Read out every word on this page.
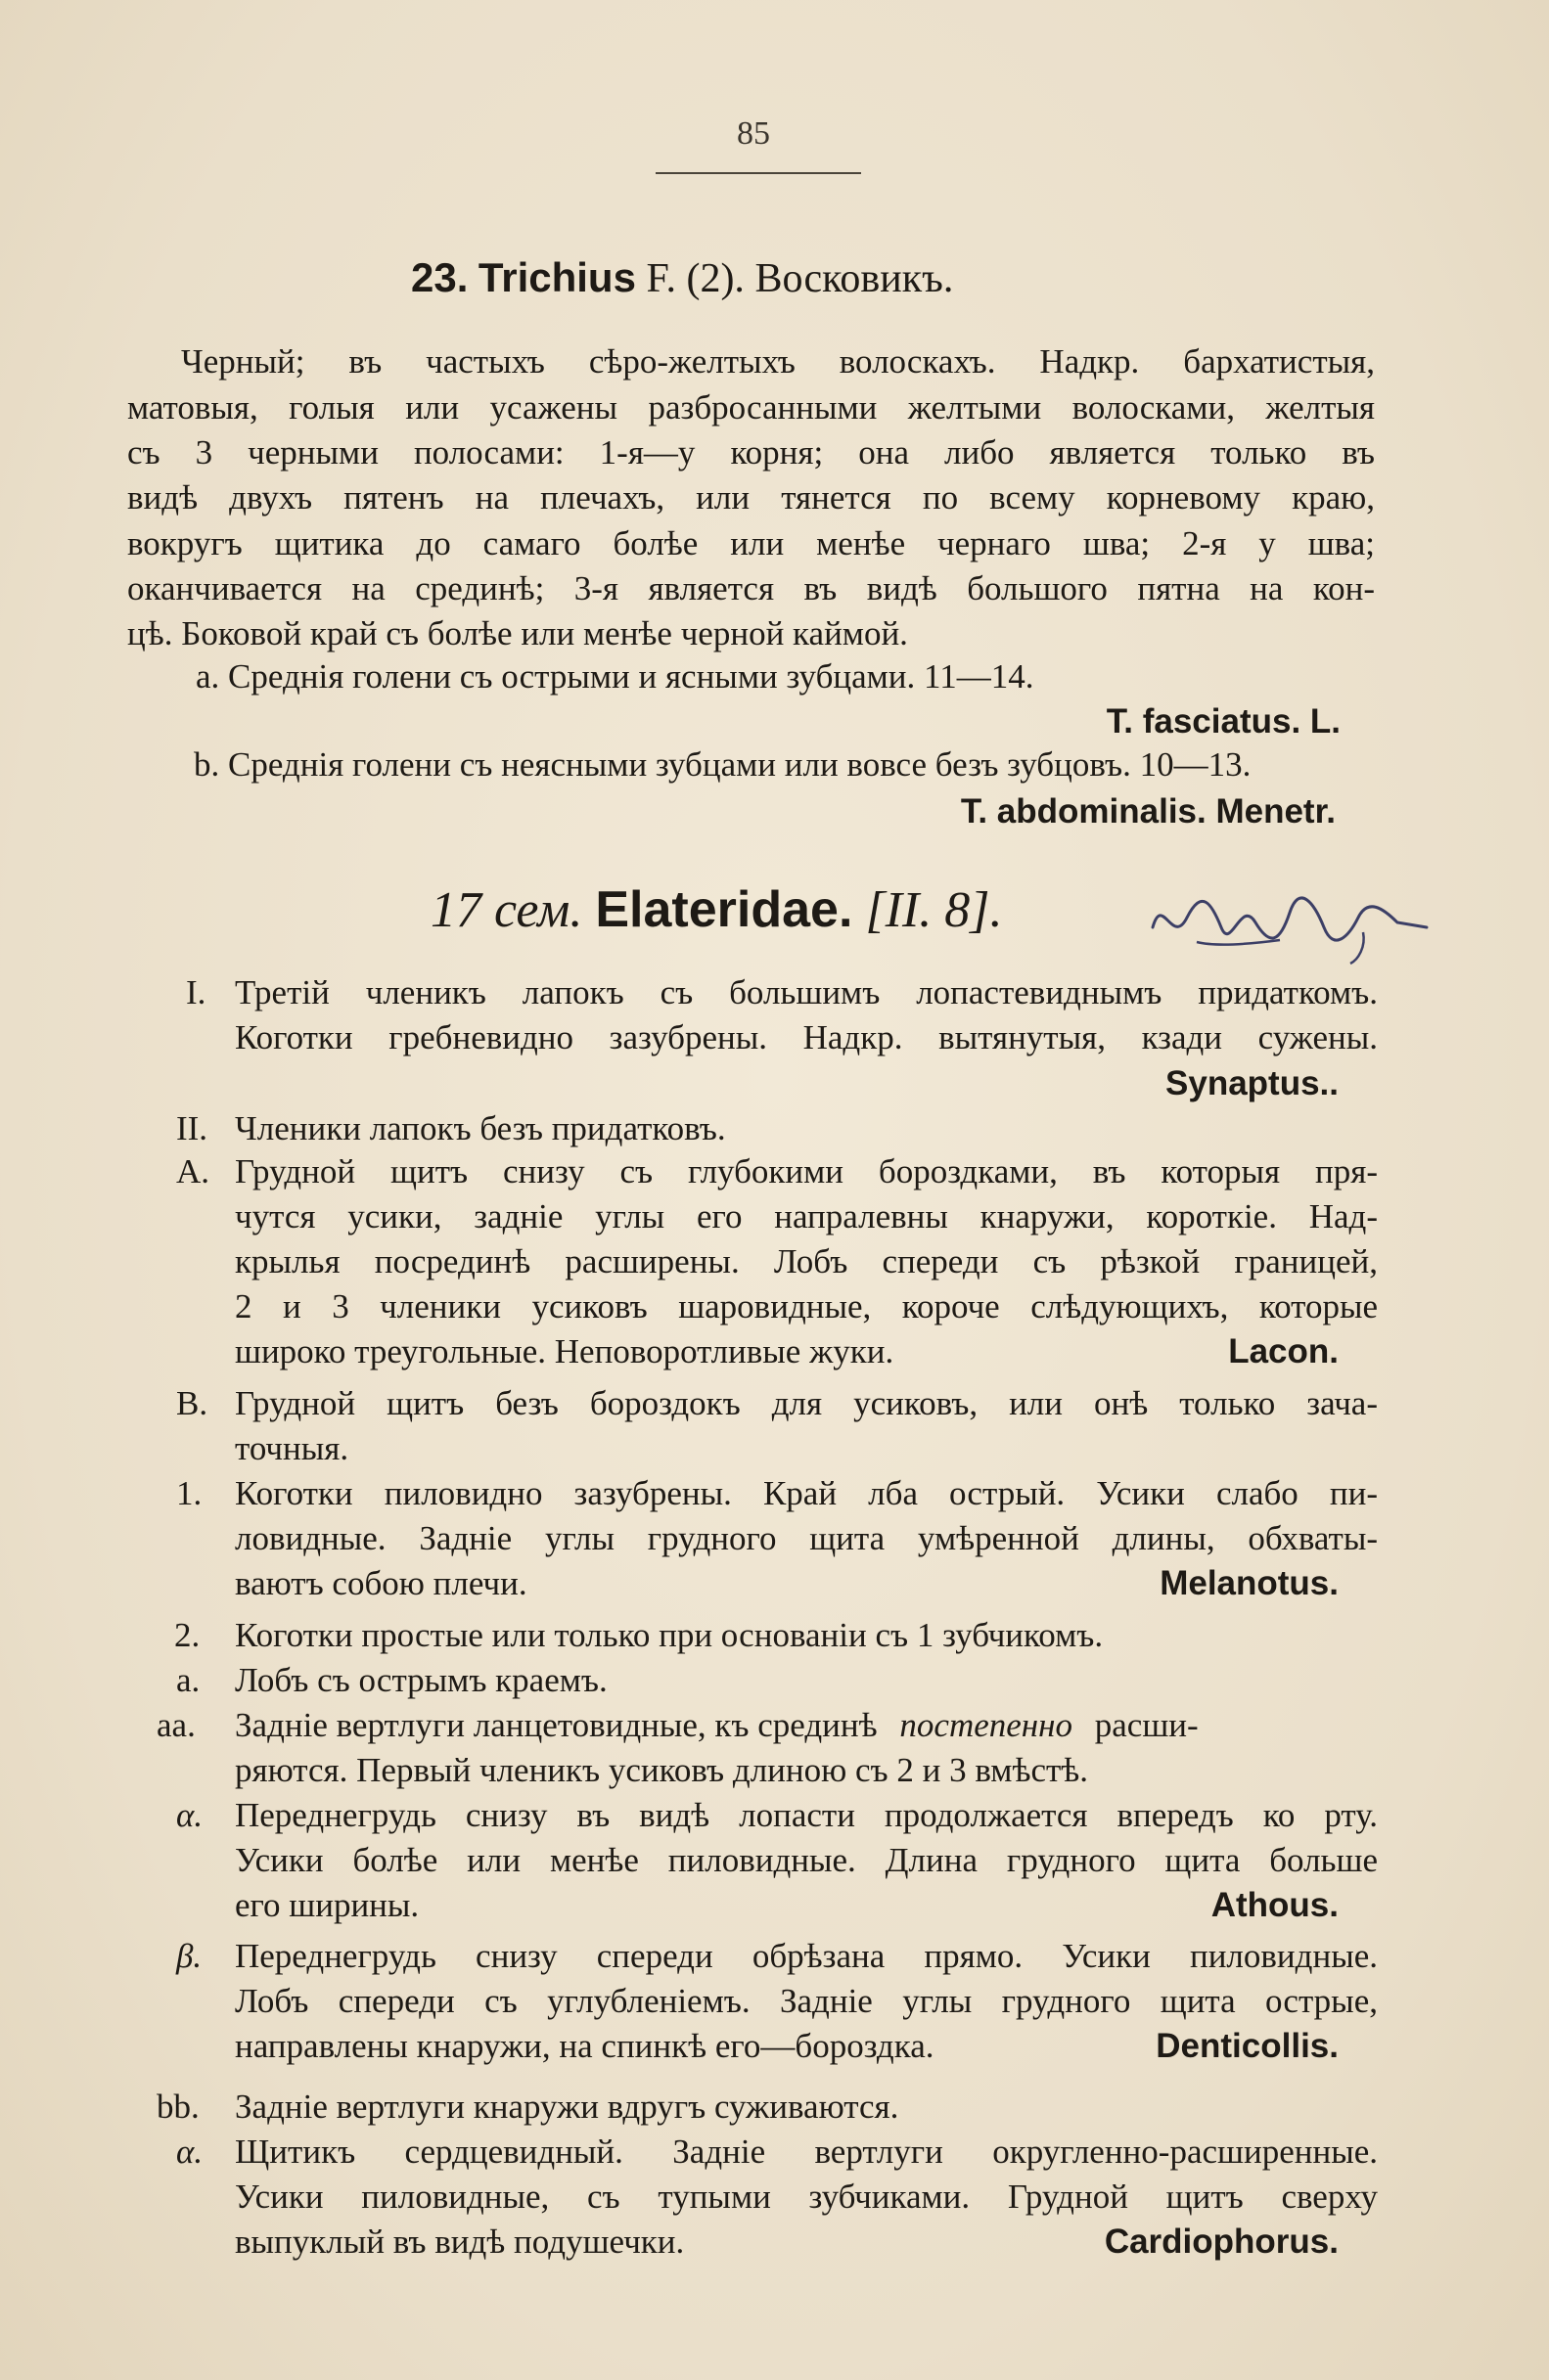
85
23. Trichius F. (2). Восковикъ.
Черный; въ частыхъ сѣро-желтыхъ волоскахъ. Надкр. бархатистыя,
матовыя, голыя или усажены разбросанными желтыми волосками, желтыя
съ 3 черными полосами: 1-я—у корня; она либо является только въ
видѣ двухъ пятенъ на плечахъ, или тянется по всему корневому краю,
вокругъ щитика до самаго болѣе или менѣе чернаго шва; 2-я у шва;
оканчивается на срединѣ; 3-я является въ видѣ большого пятна на кон-
цѣ. Боковой край съ болѣе или менѣе черной каймой.
a. Среднія голени съ острыми и ясными зубцами. 11—14.
T. fasciatus. L.
b. Среднія голени съ неясными зубцами или вовсе безъ зубцовъ. 10—13.
T. abdominalis. Menetr.
17 сем. Elateridae. [II. 8].
I. Третій членикъ лапокъ съ большимъ лопастевиднымъ придаткомъ.
Коготки гребневидно зазубрены. Надкр. вытянутыя, кзади сужены.
Synaptus..
II. Членики лапокъ безъ придатковъ.
A. Грудной щитъ снизу съ глубокими бороздками, въ которыя пря-
чутся усики, задніе углы его напралевны кнаружи, короткіе. Над-
крылья посрединѣ расширены. Лобъ спереди съ рѣзкой границей,
2 и 3 членики усиковъ шаровидные, короче слѣдующихъ, которые
широко треугольные. Неповоротливые жуки.	Lacon.
B. Грудной щитъ безъ бороздокъ для усиковъ, или онѣ только зача-
точныя.
1. Коготки пиловидно зазубрены. Край лба острый. Усики слабо пи-
ловидные. Задніе углы грудного щита умѣренной длины, обхваты-
ваютъ собою плечи.	Melanotus.
2. Коготки простые или только при основаніи съ 1 зубчикомъ.
a. Лобъ съ острымъ краемъ.
aa. Задніе вертлуги ланцетовидные, къ срединѣ постепенно расши-
ряются. Первый членикъ усиковъ длиною съ 2 и 3 вмѣстѣ.
α. Переднегрудь снизу въ видѣ лопасти продолжается впередъ ко рту.
Усики болѣе или менѣе пиловидные. Длина грудного щита больше
его ширины.	Athous.
β. Переднегрудь снизу спереди обрѣзана прямо. Усики пиловидные.
Лобъ спереди съ углубленіемъ. Задніе углы грудного щита острые,
направлены кнаружи, на спинкѣ его—бороздка.	Denticollis.
bb. Задніе вертлуги кнаружи вдругъ суживаются.
α. Щитикъ сердцевидный. Задніе вертлуги округленно-расширенные.
Усики пиловидные, съ тупыми зубчиками. Грудной щитъ сверху
выпуклый въ видѣ подушечки.	Cardiophorus.
